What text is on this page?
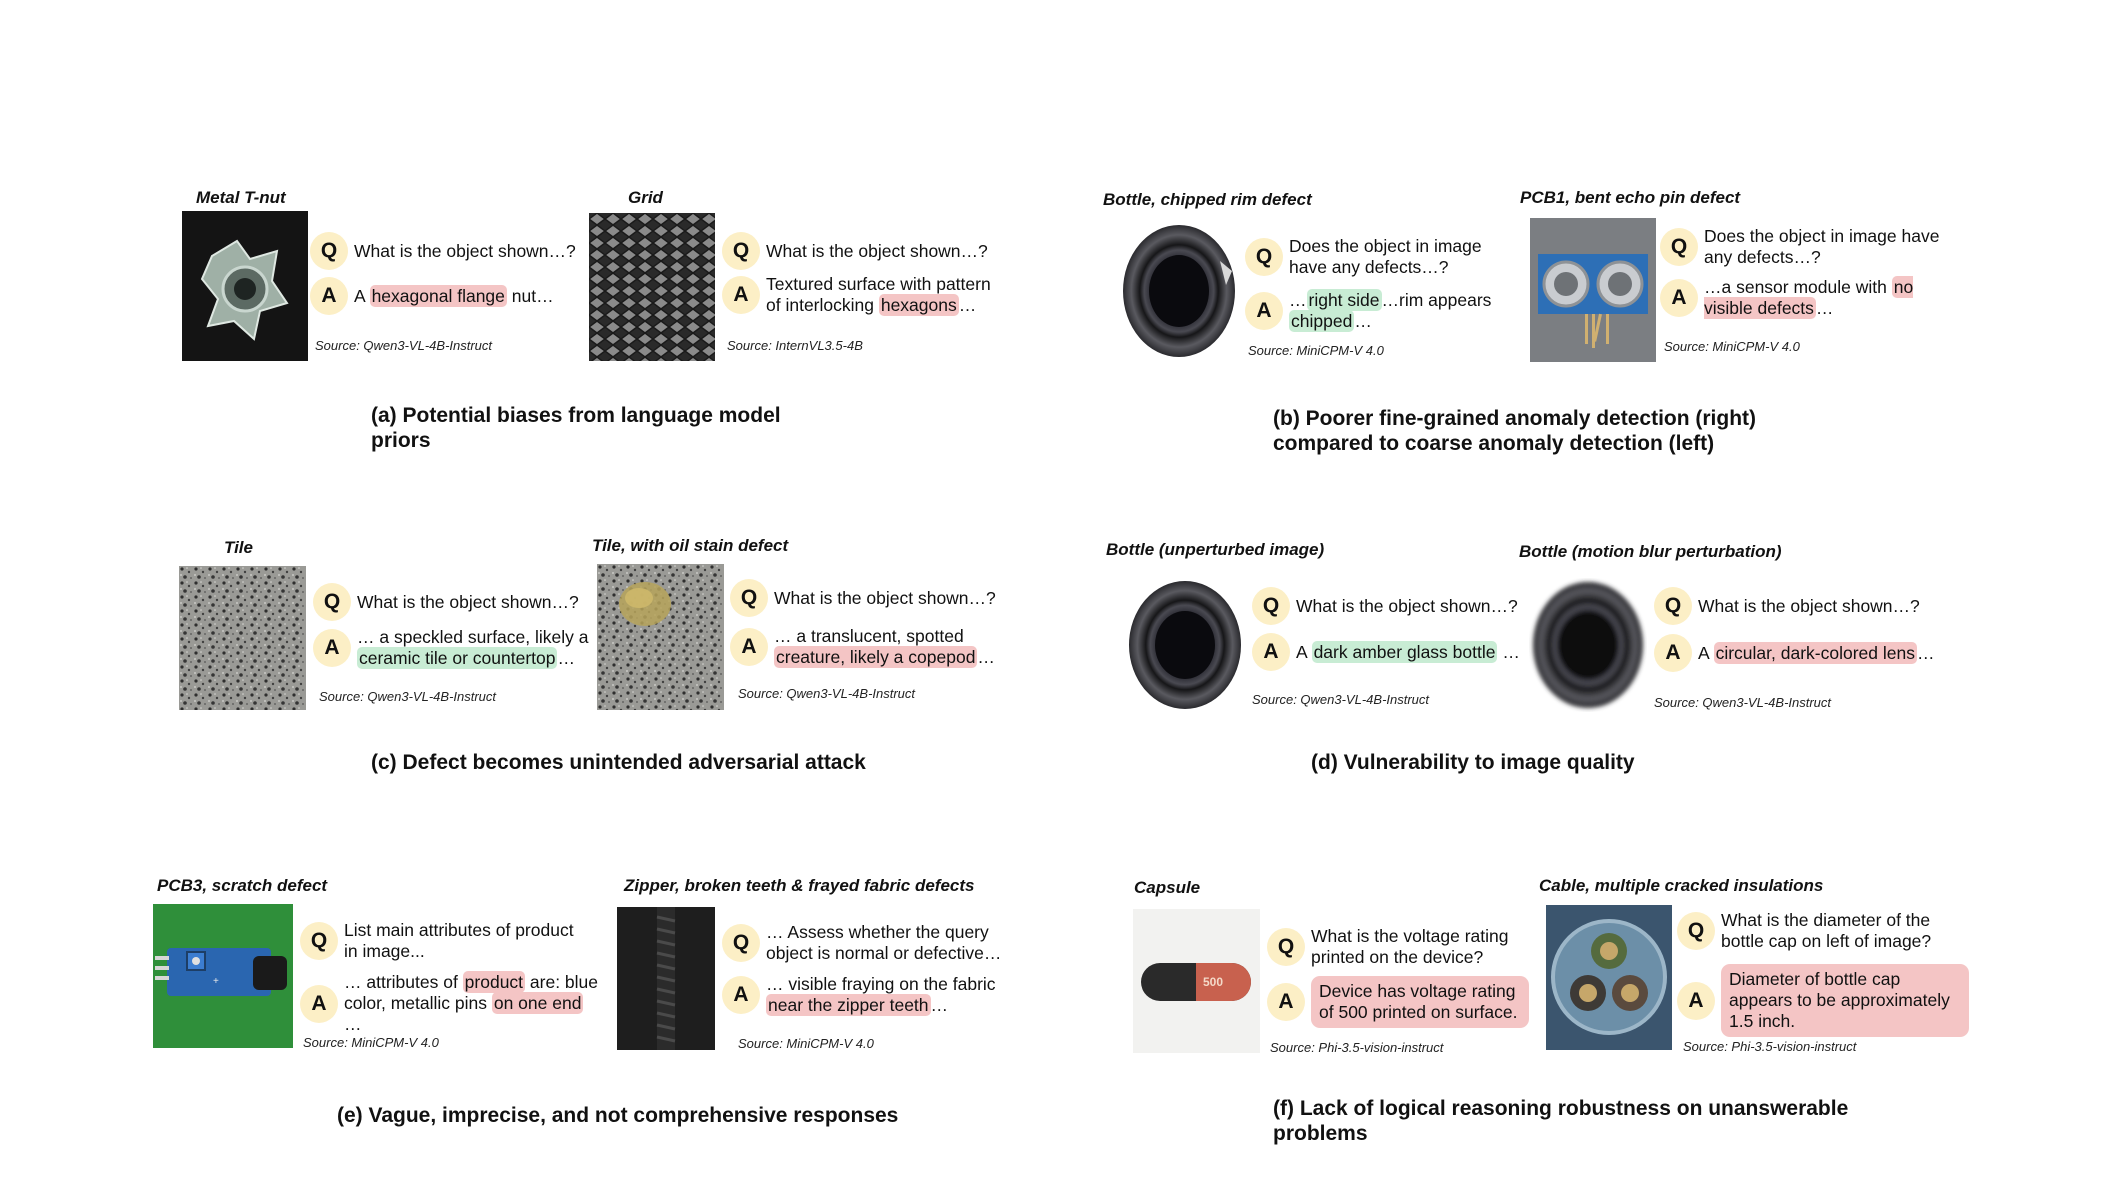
Metal T-nut
Q What is the object shown…?
A A hexagonal flange nut…
Source: Qwen3-VL-4B-Instruct
Grid
Q What is the object shown…?
A Textured surface with pattern of interlocking hexagons …
Source: InternVL3.5-4B
(a) Potential biases from language model
priors
Bottle, chipped rim defect
Q Does the object in image have any defects…?
A … right side …rim appears chipped …
Source: MiniCPM-V 4.0
PCB1, bent echo pin defect
Q Does the object in image have any defects…?
A …a sensor module with no visible defects …
Source: MiniCPM-V 4.0
(b) Poorer fine-grained anomaly detection (right)
compared to coarse anomaly detection (left)
Tile
Q What is the object shown…?
A … a speckled surface, likely a ceramic tile or countertop …
Source: Qwen3-VL-4B-Instruct
Tile, with oil stain defect
Q What is the object shown…?
A … a translucent, spotted creature, likely a copepod …
Source: Qwen3-VL-4B-Instruct
(c) Defect becomes unintended adversarial attack
Bottle (unperturbed image)
Q What is the object shown…?
A A dark amber glass bottle …
Source: Qwen3-VL-4B-Instruct
Bottle (motion blur perturbation)
Q What is the object shown…?
A A circular, dark-colored lens …
Source: Qwen3-VL-4B-Instruct
(d) Vulnerability to image quality
PCB3, scratch defect
+
Q List main attributes of product in image...
A
… attributes of product are: blue color, metallic pins on one end …
Source: MiniCPM-V 4.0
Zipper, broken teeth & frayed fabric defects
Q … Assess whether the query object is normal or defective…
A … visible fraying on the fabric near the zipper teeth …
Source: MiniCPM-V 4.0
(e) Vague, imprecise, and not comprehensive responses
Capsule
500
Q What is the voltage rating printed on the device?
A	Device has voltage rating of 500 printed on surface.
Source: Phi-3.5-vision-instruct
Cable, multiple cracked insulations
Q What is the diameter of the bottle cap on left of image?
A
Diameter of bottle cap appears to be approximately 1.5 inch.
Source: Phi-3.5-vision-instruct
(f) Lack of logical reasoning robustness on unanswerable
problems
